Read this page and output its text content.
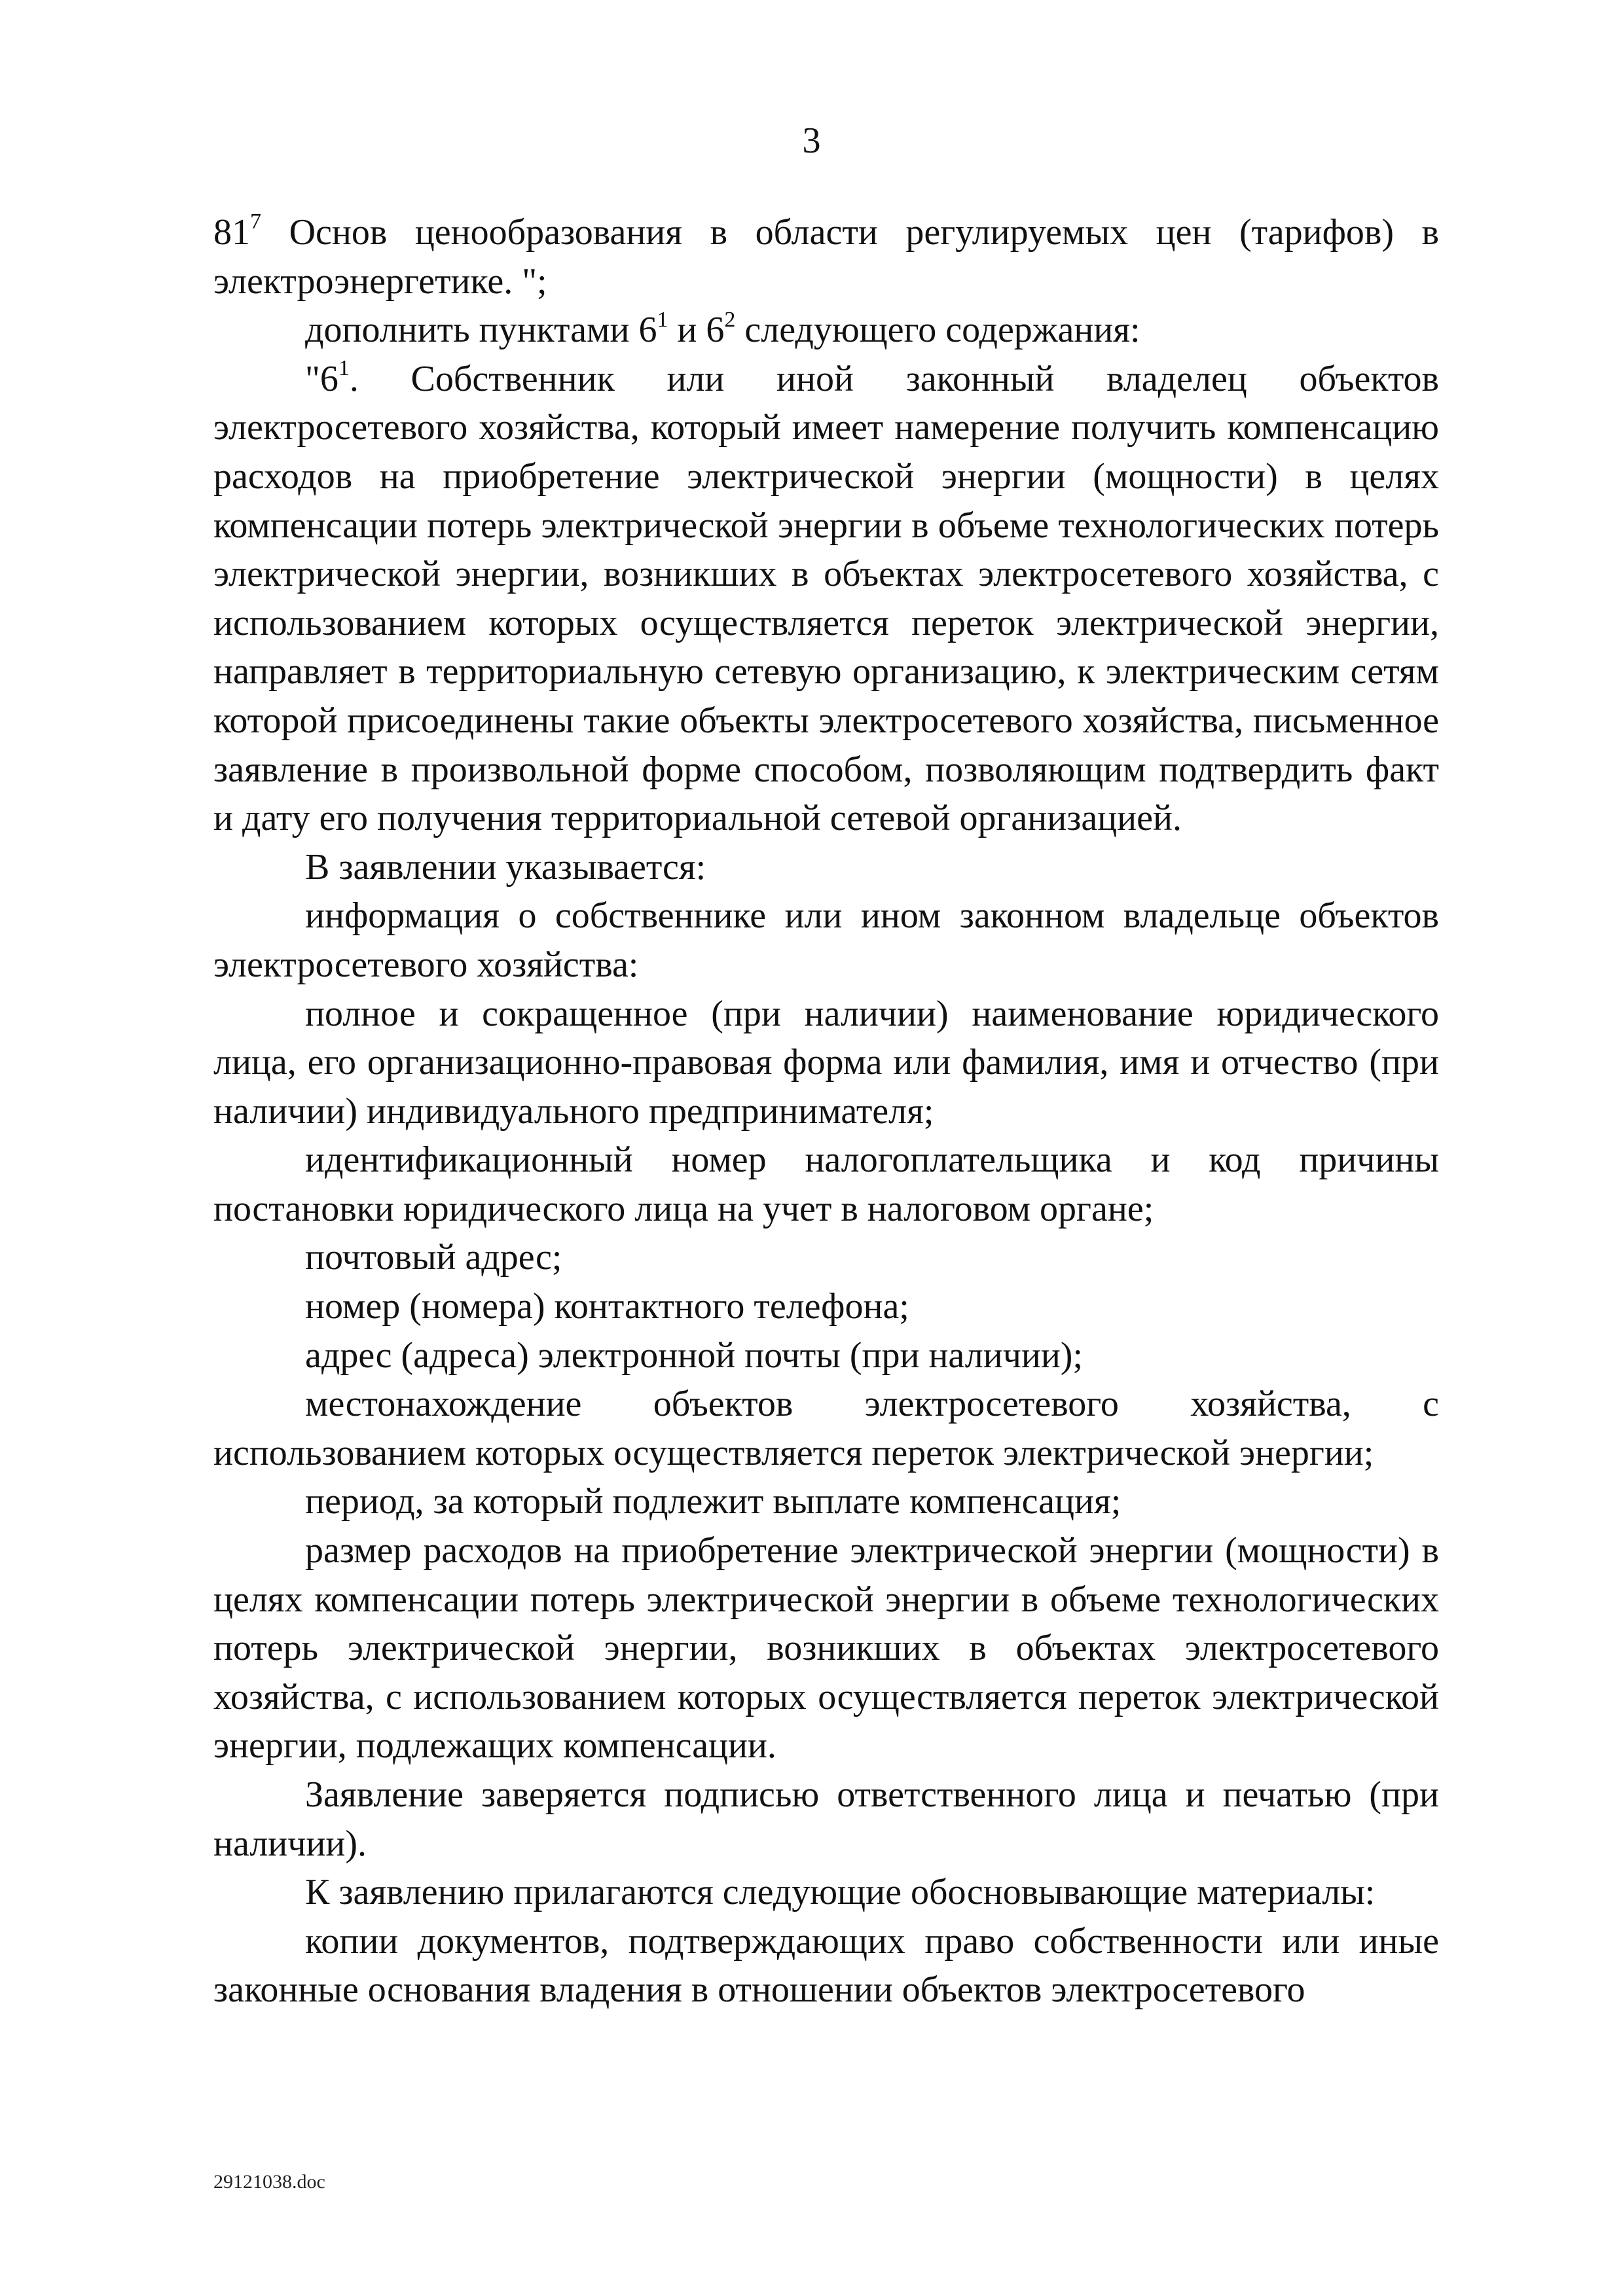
3

$81^7$ Основ ценообразования в области регулируемых цен (тарифов) в электроэнергетике. ";

дополнить пунктами $6^1$ и $6^2$ следующего содержания:

"$6^1$. Собственник или иной законный владелец объектов электросетевого хозяйства, который имеет намерение получить компенсацию расходов на приобретение электрической энергии (мощности) в целях компенсации потерь электрической энергии в объеме технологических потерь электрической энергии, возникших в объектах электросетевого хозяйства, с использованием которых осуществляется переток электрической энергии, направляет в территориальную сетевую организацию, к электрическим сетям которой присоединены такие объекты электросетевого хозяйства, письменное заявление в произвольной форме способом, позволяющим подтвердить факт и дату его получения территориальной сетевой организацией.

В заявлении указывается:

информация о собственнике или ином законном владельце объектов электросетевого хозяйства:

полное и сокращенное (при наличии) наименование юридического лица, его организационно-правовая форма или фамилия, имя и отчество (при наличии) индивидуального предпринимателя;

идентификационный номер налогоплательщика и код причины постановки юридического лица на учет в налоговом органе;

почтовый адрес;

номер (номера) контактного телефона;

адрес (адреса) электронной почты (при наличии);

местонахождение объектов электросетевого хозяйства, с использованием которых осуществляется переток электрической энергии;

период, за который подлежит выплате компенсация;

размер расходов на приобретение электрической энергии (мощности) в целях компенсации потерь электрической энергии в объеме технологических потерь электрической энергии, возникших в объектах электросетевого хозяйства, с использованием которых осуществляется переток электрической энергии, подлежащих компенсации.

Заявление заверяется подписью ответственного лица и печатью (при наличии).

К заявлению прилагаются следующие обосновывающие материалы:

копии документов, подтверждающих право собственности или иные законные основания владения в отношении объектов электросетевого

29121038.doc
